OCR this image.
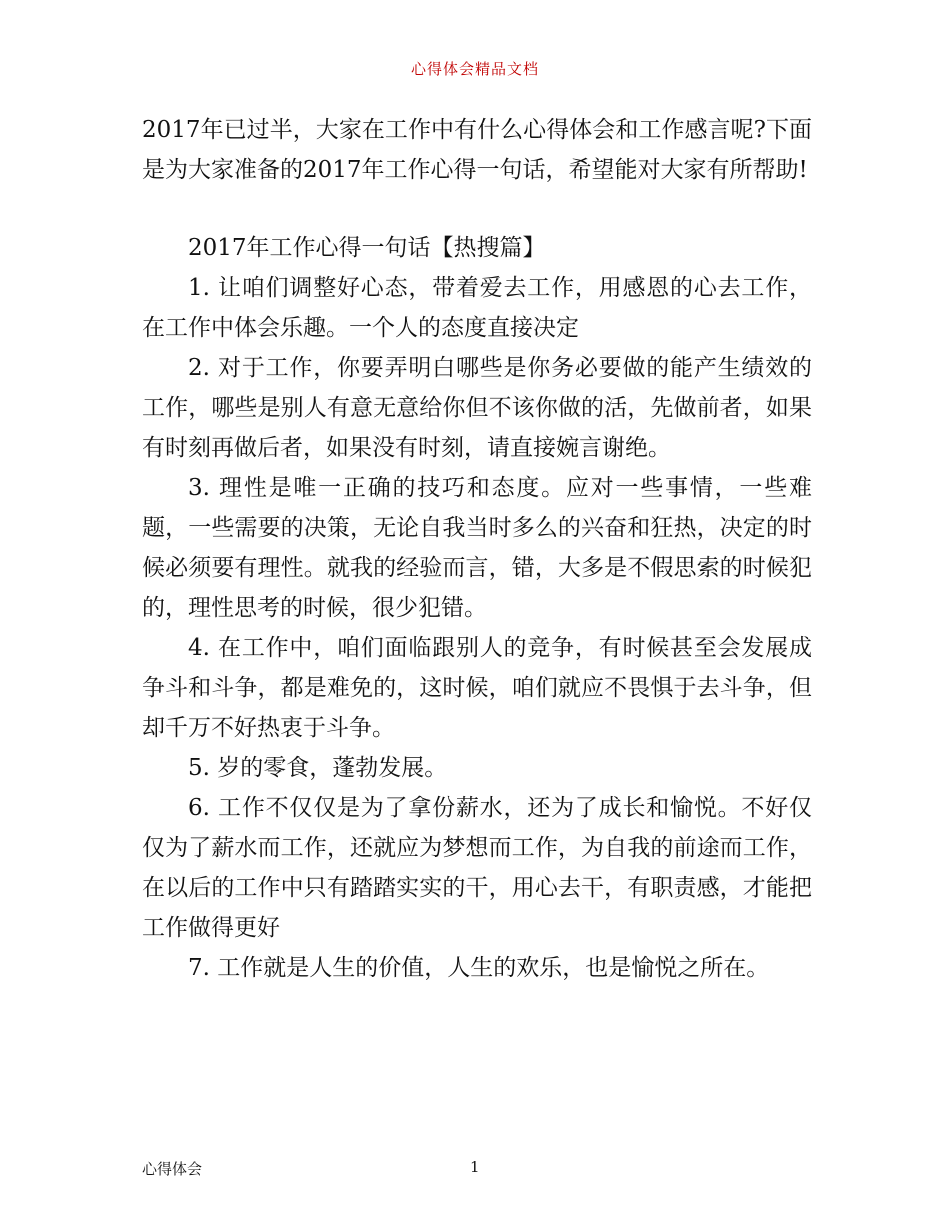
心得体会精品文档

2017年已过半，大家在工作中有什么心得体会和工作感言呢?下面是为大家准备的2017年工作心得一句话，希望能对大家有所帮助!

2017年工作心得一句话【热搜篇】

1. 让咱们调整好心态，带着爱去工作，用感恩的心去工作，在工作中体会乐趣。一个人的态度直接决定

2. 对于工作，你要弄明白哪些是你务必要做的能产生绩效的工作，哪些是别人有意无意给你但不该你做的活，先做前者，如果有时刻再做后者，如果没有时刻，请直接婉言谢绝。

3. 理性是唯一正确的技巧和态度。应对一些事情，一些难题，一些需要的决策，无论自我当时多么的兴奋和狂热，决定的时候必须要有理性。就我的经验而言，错，大多是不假思索的时候犯的，理性思考的时候，很少犯错。

4. 在工作中，咱们面临跟别人的竞争，有时候甚至会发展成争斗和斗争，都是难免的，这时候，咱们就应不畏惧于去斗争，但却千万不好热衷于斗争。

5. 岁的零食，蓬勃发展。

6. 工作不仅仅是为了拿份薪水，还为了成长和愉悦。不好仅仅为了薪水而工作，还就应为梦想而工作，为自我的前途而工作，在以后的工作中只有踏踏实实的干，用心去干，有职责感，才能把工作做得更好

7. 工作就是人生的价值，人生的欢乐，也是愉悦之所在。

心得体会	1
